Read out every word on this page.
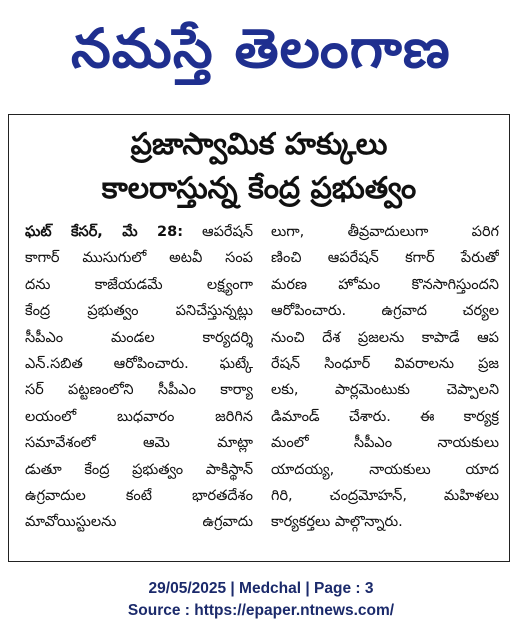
నమస్తే తెలంగాణ
ప్రజాస్వామిక హక్కులు
కాలరాస్తున్న కేంద్ర ప్రభుత్వం
ఘట్ కేసర్, మే 28: ఆపరేషన్
కాగార్ ముసుగులో అటవీ సంప
దను కాజేయడమే లక్ష్యంగా
కేంద్ర ప్రభుత్వం పనిచేస్తున్నట్లు
సీపీఎం మండల కార్యదర్శి
ఎన్.సబిత ఆరోపించారు. ఘట్కే
సర్ పట్టణంలోని సీపీఎం కార్యా
లయంలో బుధవారం జరిగిన
సమావేశంలో ఆమె మాట్లా
డుతూ కేంద్ర ప్రభుత్వం పాకిస్థాన్
ఉగ్రవాదుల కంటే భారతదేశం
మావోయిస్టులను ఉగ్రవాదు
లుగా, తీవ్రవాదులుగా పరిగ
ణించి ఆపరేషన్ కగార్ పేరుతో
మరణ హోమం కొనసాగిస్తుందని
ఆరోపించారు. ఉగ్రవాద చర్యల
నుంచి దేశ ప్రజలను కాపాడే ఆప
రేషన్ సింధూర్ వివరాలను ప్రజ
లకు, పార్లమెంటుకు చెప్పాలని
డిమాండ్ చేశారు. ఈ కార్యక్ర
మంలో సీపీఎం నాయకులు
యాదయ్య, నాయకులు యాద
గిరి, చంద్రమోహన్, మహిళలు
కార్యకర్తలు పాల్గొన్నారు.
29/05/2025 | Medchal | Page : 3
Source : https://epaper.ntnews.com/
